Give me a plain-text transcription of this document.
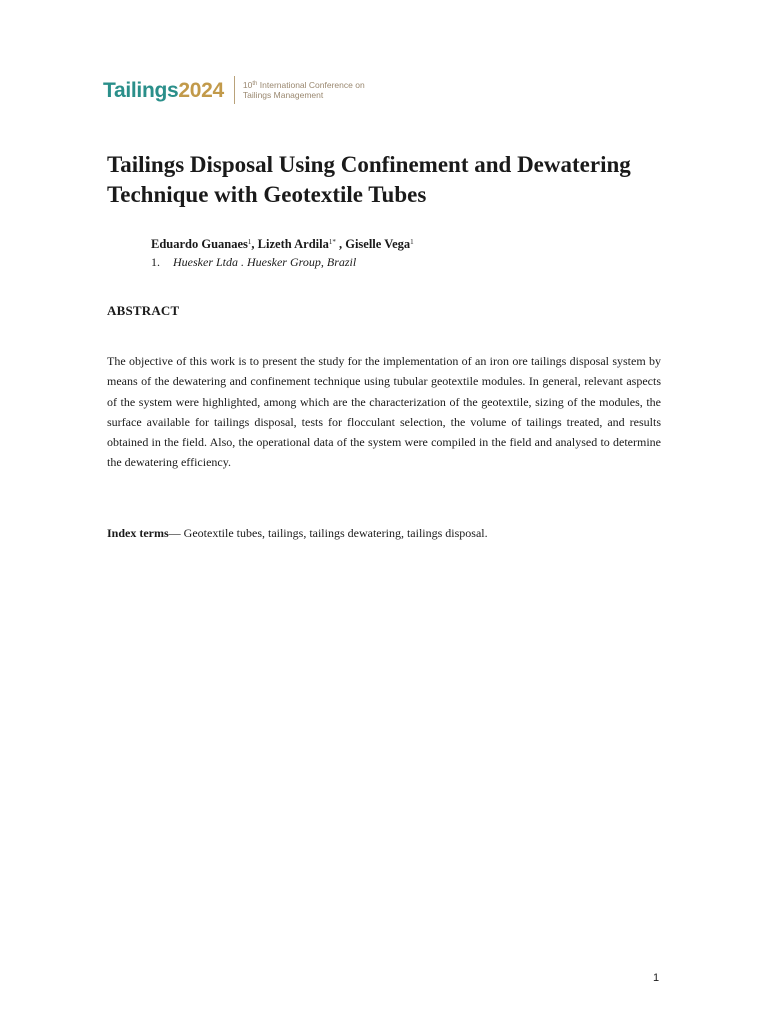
Tailings2024 10th International Conference on
Tailings Management
Tailings Disposal Using Confinement and Dewatering Technique with Geotextile Tubes
Eduardo Guanaes$^1$, Lizeth Ardila$^{1*}$ , Giselle Vega$^1$
1. Huesker Ltda . Huesker Group, Brazil
ABSTRACT

The objective of this work is to present the study for the implementation of an iron ore tailings disposal system by means of the dewatering and confinement technique using tubular geotextile modules. In general, relevant aspects of the system were highlighted, among which are the characterization of the geotextile, sizing of the modules, the surface available for tailings disposal, tests for flocculant selection, the volume of tailings treated, and results obtained in the field. Also, the operational data of the system were compiled in the field and analysed to determine the dewatering efficiency.

Index terms— Geotextile tubes, tailings, tailings dewatering, tailings disposal.

1
